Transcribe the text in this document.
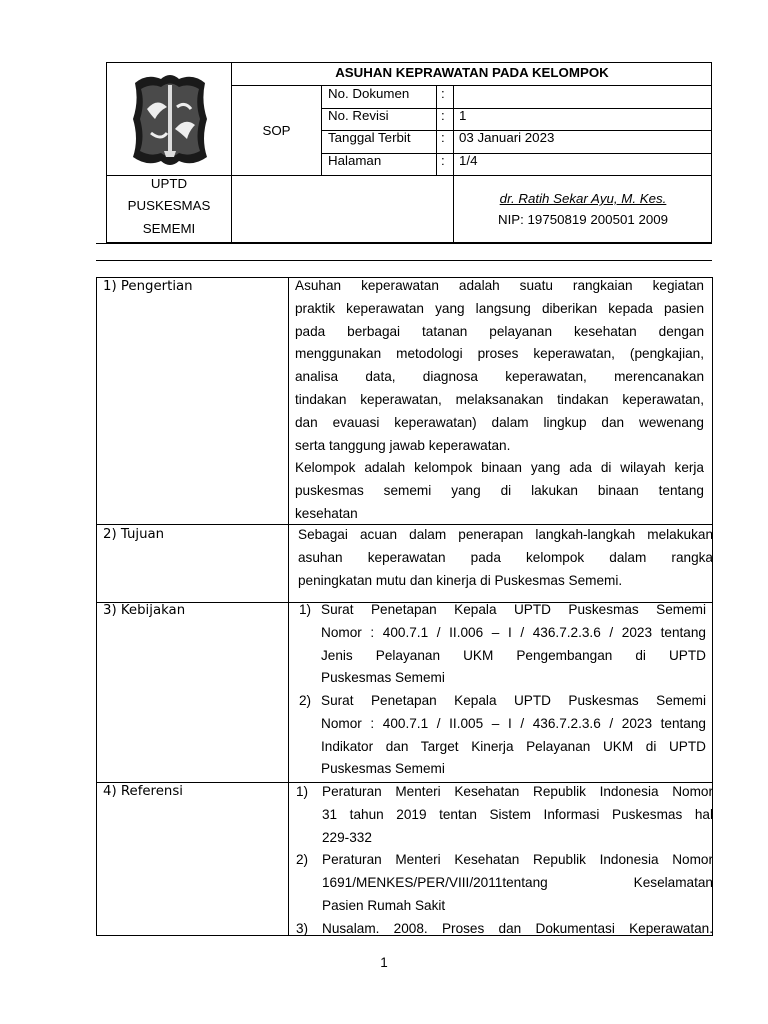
ASUHAN KEPRAWATAN PADA KELOMPOK
SOP
No. Dokumen :
No. Revisi	: 1
Tanggal Terbit : 03 Januari 2023
Halaman	: 1/4
UPTD
PUSKESMAS
SEMEMI
dr. Ratih Sekar Ayu, M. Kes.
NIP: 19750819 200501 2009
1) Pengertian	Asuhan keperawatan adalah suatu rangkaian kegiatan
praktik keperawatan yang langsung diberikan kepada pasien
pada berbagai tatanan pelayanan kesehatan dengan
menggunakan metodologi proses keperawatan, (pengkajian,
analisa data, diagnosa keperawatan, merencanakan
tindakan keperawatan, melaksanakan tindakan keperawatan,
dan evauasi keperawatan) dalam lingkup dan wewenang
serta tanggung jawab keperawatan.
Kelompok adalah kelompok binaan yang ada di wilayah kerja
puskesmas sememi yang di lakukan binaan tentang
kesehatan
2) Tujuan	Sebagai acuan dalam penerapan langkah-langkah melakukan
asuhan keperawatan pada kelompok dalam rangka
peningkatan mutu dan kinerja di Puskesmas Sememi.
3) Kebijakan	1) Surat Penetapan Kepala UPTD Puskesmas Sememi
Nomor : 400.7.1 / II.006 – I / 436.7.2.3.6 / 2023 tentang
Jenis Pelayanan UKM Pengembangan di UPTD
Puskesmas Sememi
2) Surat Penetapan Kepala UPTD Puskesmas Sememi
Nomor : 400.7.1 / II.005 – I / 436.7.2.3.6 / 2023 tentang
Indikator dan Target Kinerja Pelayanan UKM di UPTD
Puskesmas Sememi
4) Referensi	1) Peraturan Menteri Kesehatan Republik Indonesia Nomor
31 tahun 2019 tentan Sistem Informasi Puskesmas hal
229-332
2) Peraturan Menteri Kesehatan Republik Indonesia Nomor
1691/MENKES/PER/VIII/2011tentang Keselamatan
Pasien Rumah Sakit
3) Nusalam. 2008. Proses dan Dokumentasi Keperawatan.
1
